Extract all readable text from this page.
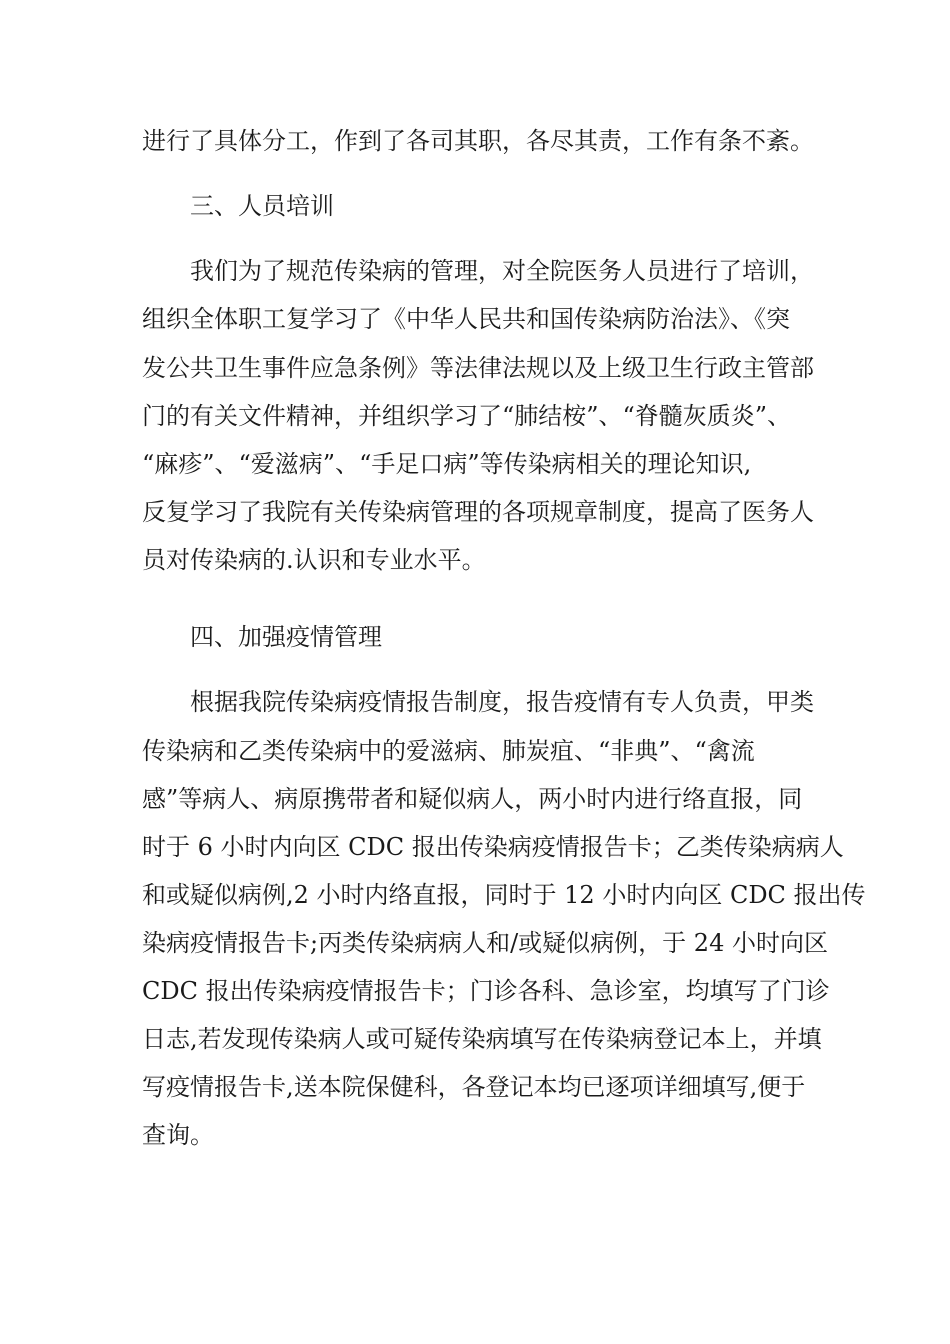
进行了具体分工，作到了各司其职，各尽其责，工作有条不紊。
三、人员培训
我们为了规范传染病的管理，对全院医务人员进行了培训，
组织全体职工复学习了《中华人民共和国传染病防治法》、《突
发公共卫生事件应急条例》等法律法规以及上级卫生行政主管部
门的有关文件精神，并组织学习了“肺结桉”、“脊髓灰质炎”、
“麻疹”、“爱滋病”、“手足口病”等传染病相关的理论知识,
反复学习了我院有关传染病管理的各项规章制度，提高了医务人
员对传染病的.认识和专业水平。
四、加强疫情管理
根据我院传染病疫情报告制度，报告疫情有专人负责，甲类
传染病和乙类传染病中的爱滋病、肺炭疽、“非典”、“禽流
感”等病人、病原携带者和疑似病人，两小时内进行络直报，同
时于 6 小时内向区 CDC 报出传染病疫情报告卡；乙类传染病病人
和或疑似病例,2 小时内络直报，同时于 12 小时内向区 CDC 报出传
染病疫情报告卡;丙类传染病病人和/或疑似病例，于 24 小时向区
CDC 报出传染病疫情报告卡；门诊各科、急诊室，均填写了门诊
日志,若发现传染病人或可疑传染病填写在传染病登记本上，并填
写疫情报告卡,送本院保健科，各登记本均已逐项详细填写,便于
查询。
